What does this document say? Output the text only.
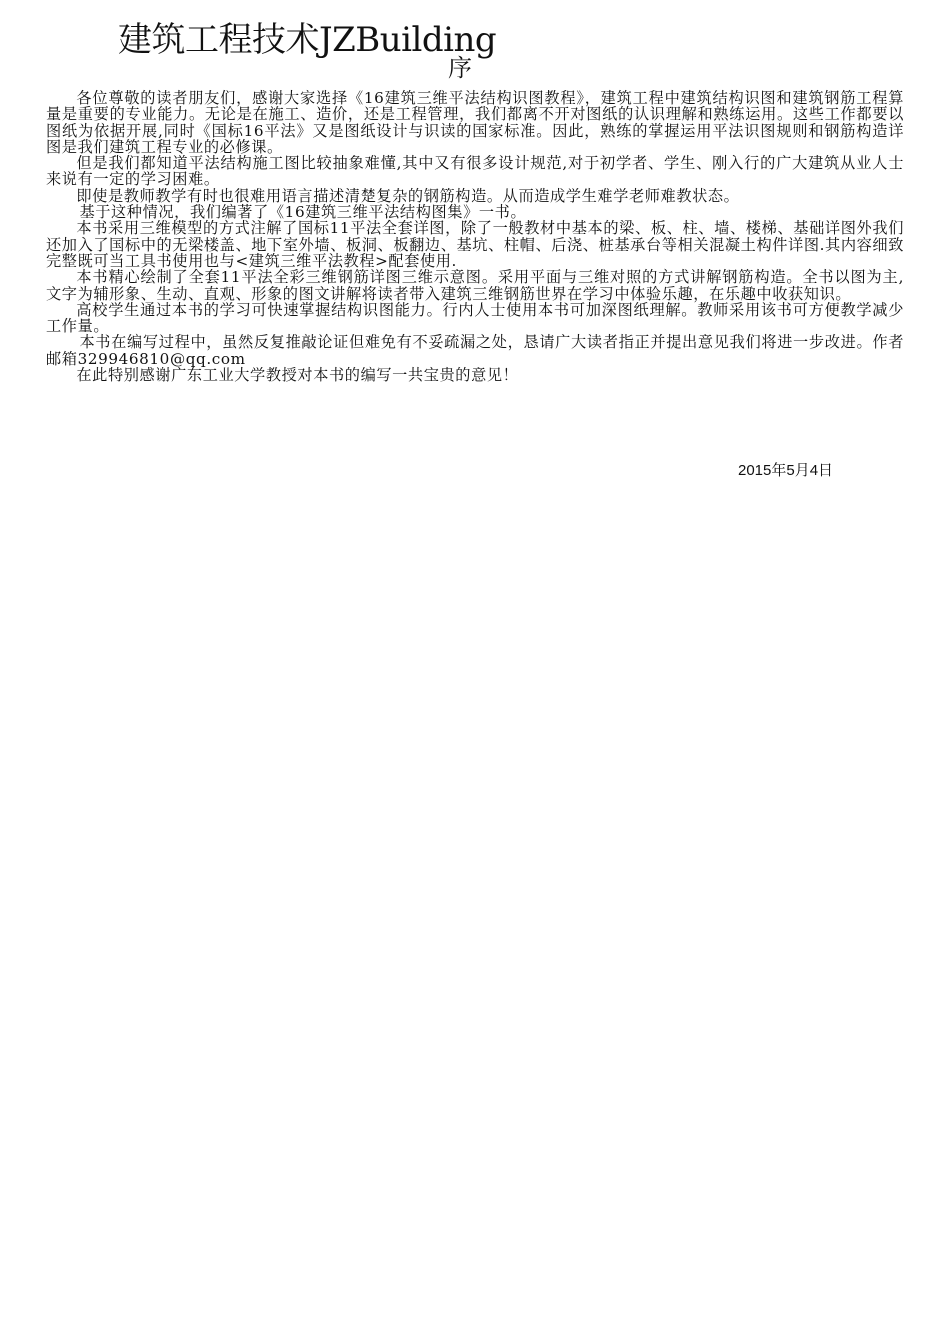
建筑工程技术JZBuilding
序

各位尊敬的读者朋友们，感谢大家选择《16建筑三维平法结构识图教程》，建筑工程中建筑结构识图和建筑钢筋工程算量是重要的专业能力。无论是在施工、造价，还是工程管理，我们都离不开对图纸的认识理解和熟练运用。这些工作都要以图纸为依据开展,同时《国标16平法》又是图纸设计与识读的国家标准。因此，熟练的掌握运用平法识图规则和钢筋构造详图是我们建筑工程专业的必修课。

但是我们都知道平法结构施工图比较抽象难懂,其中又有很多设计规范,对于初学者、学生、刚入行的广大建筑从业人士来说有一定的学习困难。

即使是教师教学有时也很难用语言描述清楚复杂的钢筋构造。从而造成学生难学老师难教状态。

基于这种情况，我们编著了《16建筑三维平法结构图集》一书。

本书采用三维模型的方式注解了国标11平法全套详图，除了一般教材中基本的梁、板、柱、墙、楼梯、基础详图外我们还加入了国标中的无梁楼盖、地下室外墙、板洞、板翻边、基坑、柱帽、后浇、桩基承台等相关混凝土构件详图.其内容细致完整既可当工具书使用也与<建筑三维平法教程>配套使用.

本书精心绘制了全套11平法全彩三维钢筋详图三维示意图。采用平面与三维对照的方式讲解钢筋构造。全书以图为主,文字为辅形象、生动、直观、形象的图文讲解将读者带入建筑三维钢筋世界在学习中体验乐趣，在乐趣中收获知识。

高校学生通过本书的学习可快速掌握结构识图能力。行内人士使用本书可加深图纸理解。教师采用该书可方便教学减少工作量。

本书在编写过程中，虽然反复推敲论证但难免有不妥疏漏之处，恳请广大读者指正并提出意见我们将进一步改进。作者邮箱329946810@qq.com

在此特别感谢广东工业大学教授对本书的编写一共宝贵的意见！

2015年5月4日
